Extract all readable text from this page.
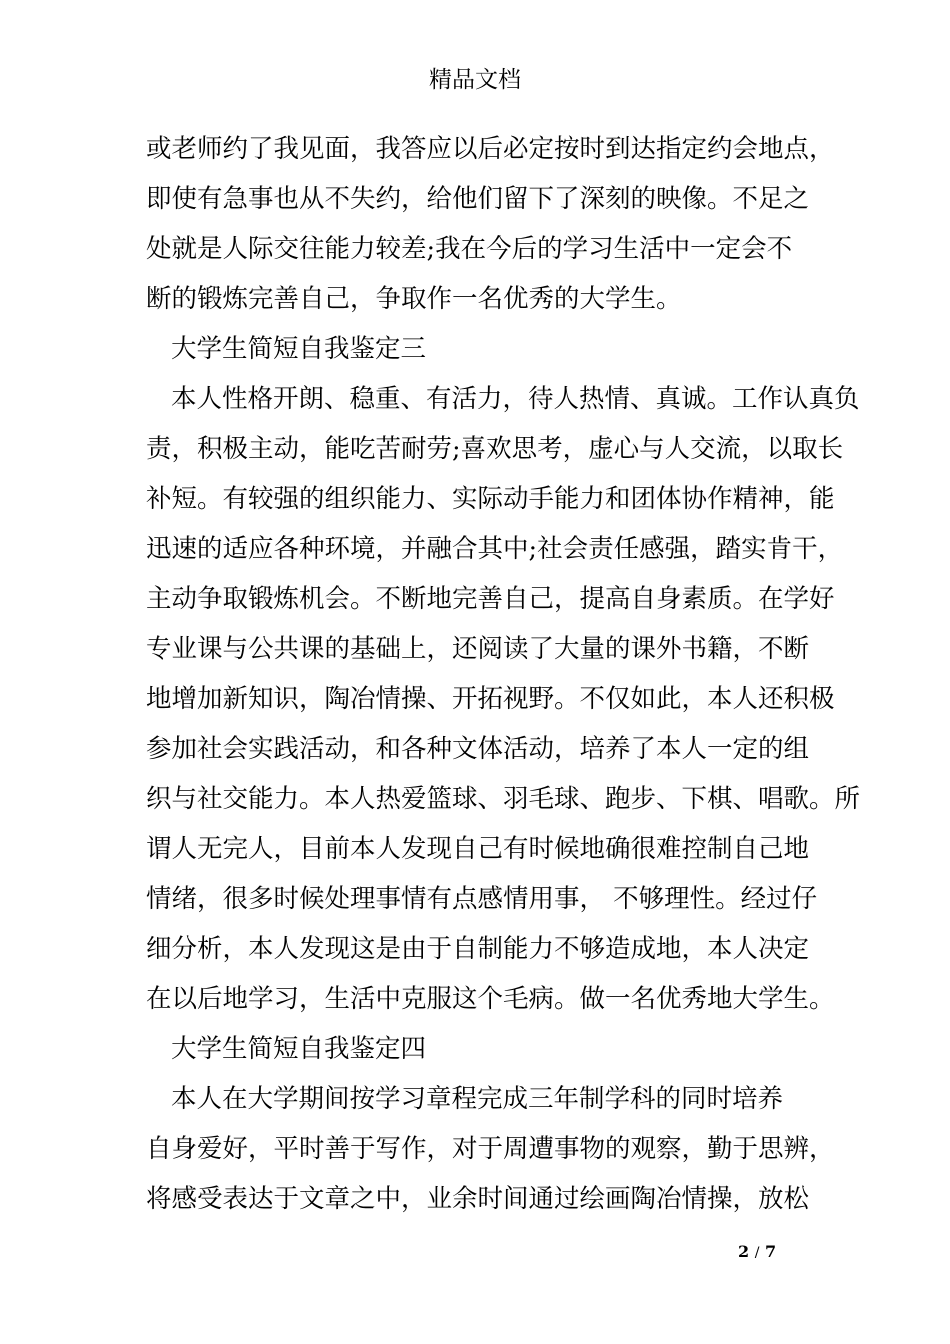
精品文档
或老师约了我见面，我答应以后必定按时到达指定约会地点，
即使有急事也从不失约，给他们留下了深刻的映像。不足之
处就是人际交往能力较差;我在今后的学习生活中一定会不
断的锻炼完善自己，争取作一名优秀的大学生。
大学生简短自我鉴定三
本人性格开朗、稳重、有活力，待人热情、真诚。工作认真负
责，积极主动，能吃苦耐劳;喜欢思考，虚心与人交流，以取长
补短。有较强的组织能力、实际动手能力和团体协作精神，能
迅速的适应各种环境，并融合其中;社会责任感强，踏实肯干，
主动争取锻炼机会。不断地完善自己，提高自身素质。在学好
专业课与公共课的基础上，还阅读了大量的课外书籍，不断
地增加新知识，陶冶情操、开拓视野。不仅如此，本人还积极
参加社会实践活动，和各种文体活动，培养了本人一定的组
织与社交能力。本人热爱篮球、羽毛球、跑步、下棋、唱歌。所
谓人无完人，目前本人发现自己有时候地确很难控制自己地
情绪，很多时候处理事情有点感情用事， 不够理性。经过仔
细分析，本人发现这是由于自制能力不够造成地，本人决定
在以后地学习，生活中克服这个毛病。做一名优秀地大学生。
大学生简短自我鉴定四
本人在大学期间按学习章程完成三年制学科的同时培养
自身爱好，平时善于写作，对于周遭事物的观察，勤于思辨，
将感受表达于文章之中，业余时间通过绘画陶冶情操，放松
2 / 7
